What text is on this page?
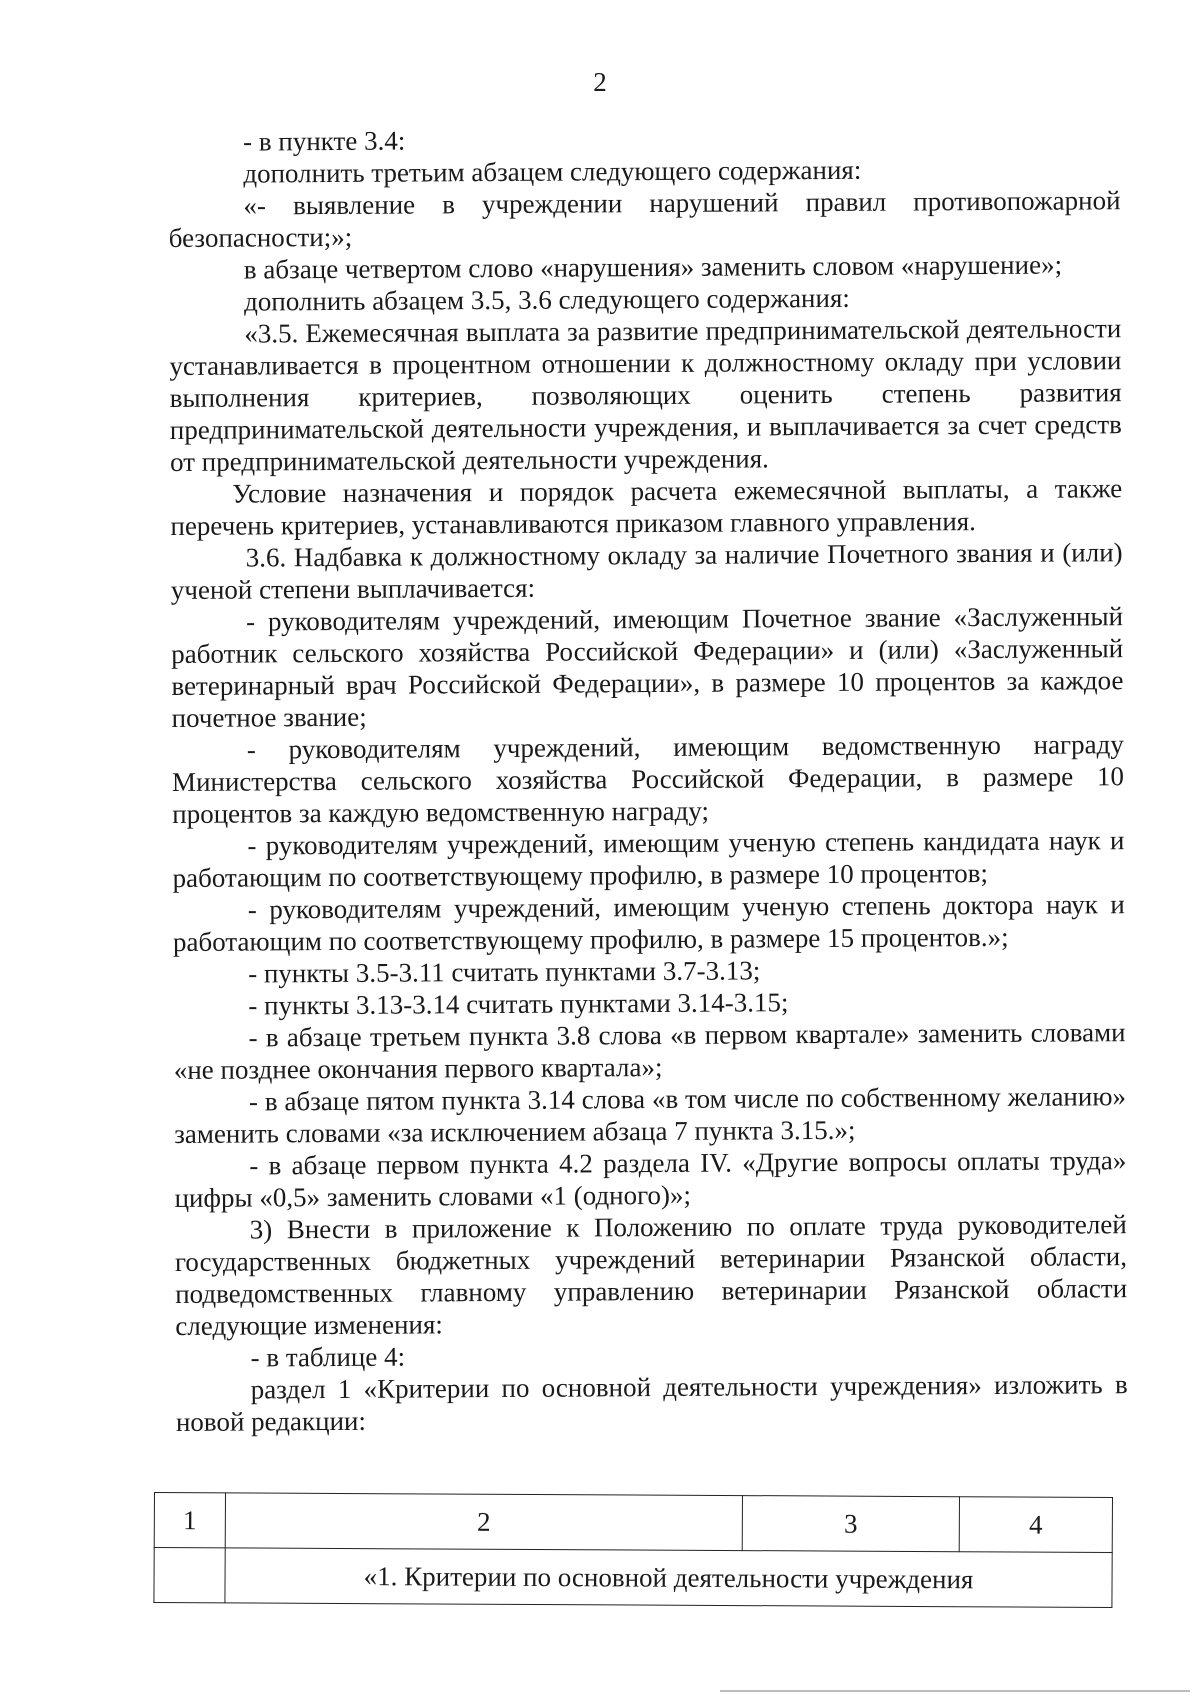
2

- в пункте 3.4:

дополнить третьим абзацем следующего содержания:

«- выявление в учреждении нарушений правил противопожарной безопасности;»;

в абзаце четвертом слово «нарушения» заменить словом «нарушение»;

дополнить абзацем 3.5, 3.6 следующего содержания:

«3.5. Ежемесячная выплата за развитие предпринимательской деятельности устанавливается в процентном отношении к должностному окладу при условии выполнения критериев, позволяющих оценить степень развития предпринимательской деятельности учреждения, и выплачивается за счет средств от предпринимательской деятельности учреждения.

Условие назначения и порядок расчета ежемесячной выплаты, а также перечень критериев, устанавливаются приказом главного управления.

3.6. Надбавка к должностному окладу за наличие Почетного звания и (или) ученой степени выплачивается:

- руководителям учреждений, имеющим Почетное звание «Заслуженный работник сельского хозяйства Российской Федерации» и (или) «Заслуженный ветеринарный врач Российской Федерации», в размере 10 процентов за каждое почетное звание;

- руководителям учреждений, имеющим ведомственную награду Министерства сельского хозяйства Российской Федерации, в размере 10 процентов за каждую ведомственную награду;

- руководителям учреждений, имеющим ученую степень кандидата наук и работающим по соответствующему профилю, в размере 10 процентов;

- руководителям учреждений, имеющим ученую степень доктора наук и работающим по соответствующему профилю, в размере 15 процентов.»;

- пункты 3.5-3.11 считать пунктами 3.7-3.13;

- пункты 3.13-3.14 считать пунктами 3.14-3.15;

- в абзаце третьем пункта 3.8 слова «в первом квартале» заменить словами «не позднее окончания первого квартала»;

- в абзаце пятом пункта 3.14 слова «в том числе по собственному желанию» заменить словами «за исключением абзаца 7 пункта 3.15.»;

- в абзаце первом пункта 4.2 раздела IV. «Другие вопросы оплаты труда» цифры «0,5» заменить словами «1 (одного)»;

3) Внести в приложение к Положению по оплате труда руководителей государственных бюджетных учреждений ветеринарии Рязанской области, подведомственных главному управлению ветеринарии Рязанской области следующие изменения:

- в таблице 4:

раздел 1 «Критерии по основной деятельности учреждения» изложить в новой редакции:

1	2	3	4
	«1. Критерии по основной деятельности учреждения		
